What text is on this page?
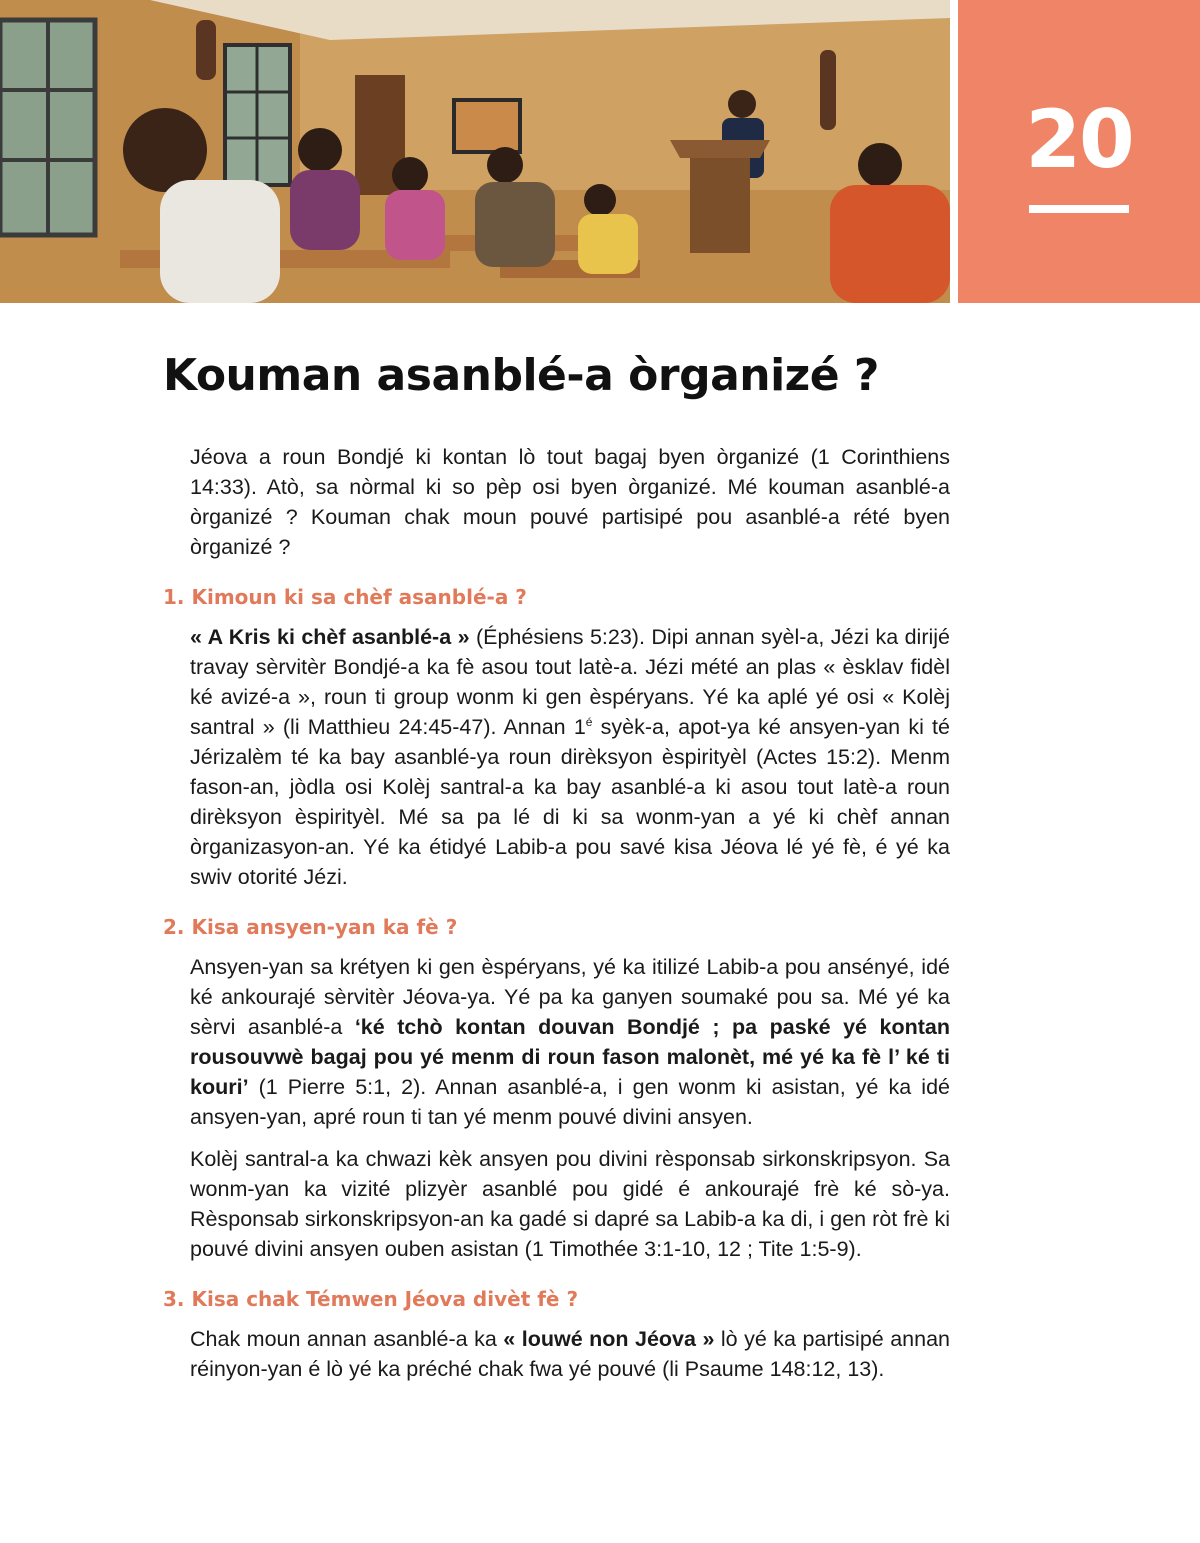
20
Kouman asanblé-a òrganizé ?

Jéova a roun Bondjé ki kontan lò tout bagaj byen òrganizé (1 Corinthiens 14:33). Atò, sa nòrmal ki so pèp osi byen òrganizé. Mé kouman asanblé-a òrganizé ? Kouman chak moun pouvé partisipé pou asanblé-a rété byen òrganizé ?

1. Kimoun ki sa chèf asanblé-a ?

« A Kris ki chèf asanblé-a » (Éphésiens 5:23). Dipi annan syèl-a, Jézi ka dirijé travay sèrvitèr Bondjé-a ka fè asou tout latè-a. Jézi mété an plas « èsklav fidèl ké avizé-a », roun ti group wonm ki gen èspéryans. Yé ka aplé yé osi « Kolèj santral » (li Matthieu 24:45-47). Annan $1^é$ syèk-a, apot-ya ké ansyen-yan ki té Jérizalèm té ka bay asanblé-ya roun dirèksyon èspirityèl (Actes 15:2). Menm fason-an, jòdla osi Kolèj santral-a ka bay asanblé-a ki asou tout latè-a roun dirèksyon èspirityèl. Mé sa pa lé di ki sa wonm-yan a yé ki chèf annan òrganizasyon-an. Yé ka étidyé Labib-a pou savé kisa Jéova lé yé fè, é yé ka swiv otorité Jézi.

2. Kisa ansyen-yan ka fè ?

Ansyen-yan sa krétyen ki gen èspéryans, yé ka itilizé Labib-a pou ansényé, idé ké ankourajé sèrvitèr Jéova-ya. Yé pa ka ganyen soumaké pou sa. Mé yé ka sèrvi asanblé-a ‘ké tchò kontan douvan Bondjé ; pa paské yé kontan rousouvwè bagaj pou yé menm di roun fason malonèt, mé yé ka fè l’ ké ti kouri’ (1 Pierre 5:1, 2). Annan asanblé-a, i gen wonm ki asistan, yé ka idé ansyen-yan, apré roun ti tan yé menm pouvé divini ansyen.

Kolèj santral-a ka chwazi kèk ansyen pou divini rèsponsab sirkonskripsyon. Sa wonm-yan ka vizité plizyèr asanblé pou gidé é ankourajé frè ké sò-ya. Rèsponsab sirkonskripsyon-an ka gadé si dapré sa Labib-a ka di, i gen ròt frè ki pouvé divini ansyen ouben asistan (1 Timothée 3:1-10, 12 ; Tite 1:5-9).

3. Kisa chak Témwen Jéova divèt fè ?

Chak moun annan asanblé-a ka « louwé non Jéova » lò yé ka partisipé annan réinyon-yan é lò yé ka préché chak fwa yé pouvé (li Psaume 148:12, 13).
